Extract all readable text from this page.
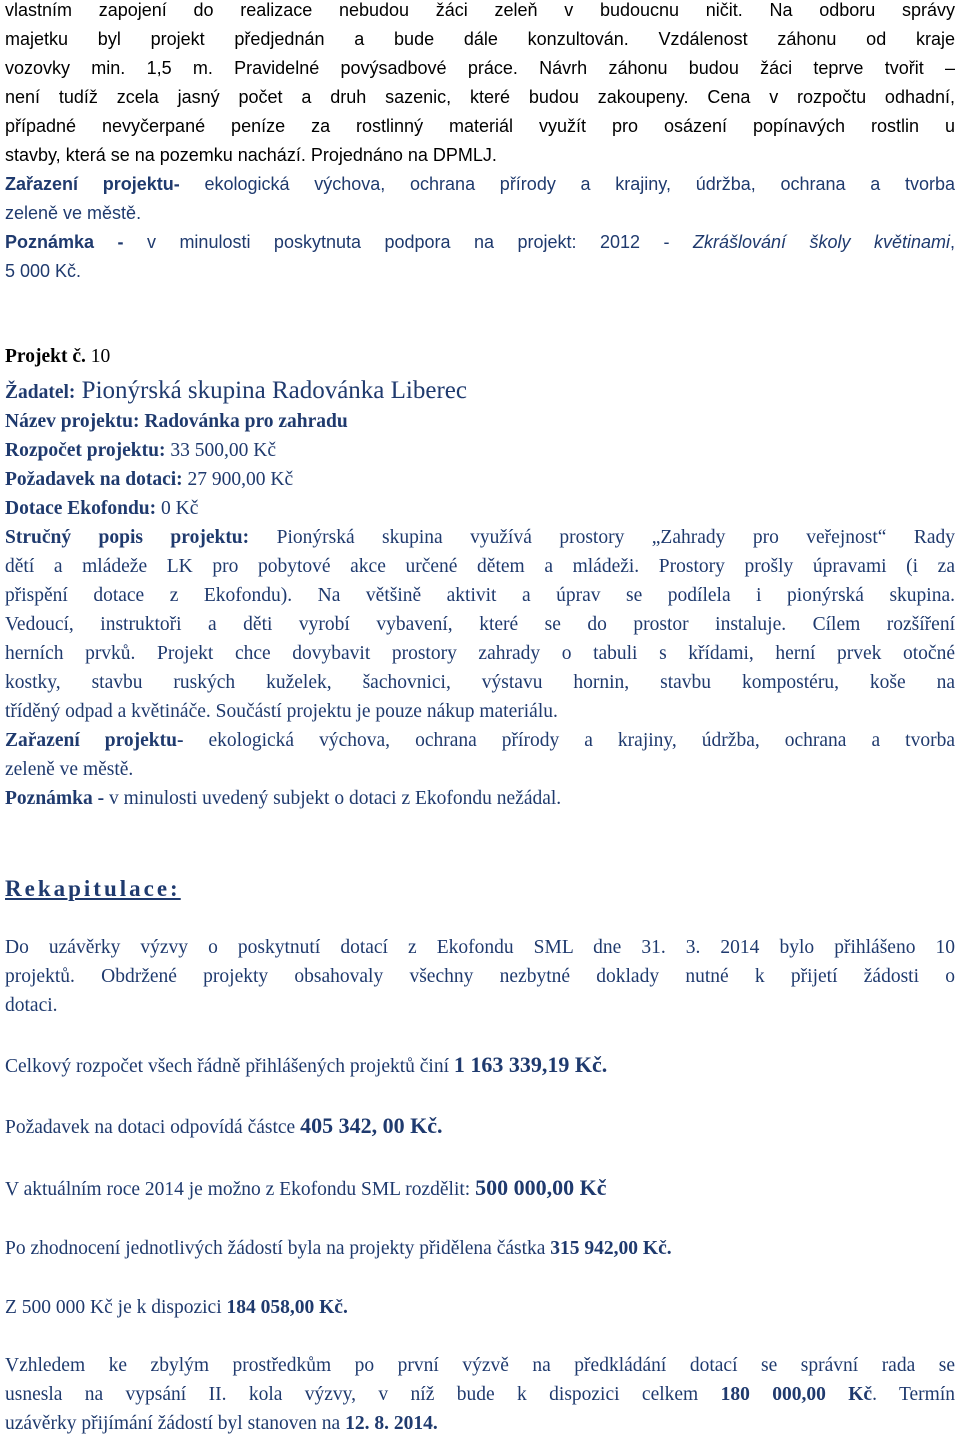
vlastním zapojení do realizace nebudou žáci zeleň v budoucnu ničit. Na odboru správy

majetku byl projekt předjednán a bude dále konzultován. Vzdálenost záhonu od kraje

vozovky min. 1,5 m. Pravidelné povýsadbové práce. Návrh záhonu budou žáci teprve tvořit –

není tudíž zcela jasný počet a druh sazenic, které budou zakoupeny. Cena v rozpočtu odhadní,

případné nevyčerpané peníze za rostlinný materiál využít pro osázení popínavých rostlin u

stavby, která se na pozemku nachází. Projednáno na DPMLJ.

Zařazení projektu- ekologická výchova, ochrana přírody a krajiny, údržba, ochrana a tvorba

zeleně ve městě.

Poznámka - v minulosti poskytnuta podpora na projekt: 2012 - Zkrášlování školy květinami,

5 000 Kč.

Projekt č. 10

Žadatel: Pionýrská skupina Radovánka Liberec

Název projektu: Radovánka pro zahradu

Rozpočet projektu: 33 500,00 Kč

Požadavek na dotaci: 27 900,00 Kč

Dotace Ekofondu: 0 Kč

Stručný popis projektu: Pionýrská skupina využívá prostory „Zahrady pro veřejnost“ Rady

dětí a mládeže LK pro pobytové akce určené dětem a mládeži. Prostory prošly úpravami (i za

přispění dotace z Ekofondu). Na většině aktivit a úprav se podílela i pionýrská skupina.

Vedoucí, instruktoři a děti vyrobí vybavení, které se do prostor instaluje. Cílem rozšíření

herních prvků. Projekt chce dovybavit prostory zahrady o tabuli s křídami, herní prvek otočné

kostky, stavbu ruských kuželek, šachovnici, výstavu hornin, stavbu kompostéru, koše na

tříděný odpad a květináče. Součástí projektu je pouze nákup materiálu.

Zařazení projektu- ekologická výchova, ochrana přírody a krajiny, údržba, ochrana a tvorba

zeleně ve městě.

Poznámka - v minulosti uvedený subjekt o dotaci z Ekofondu nežádal.

Rekapitulace:

Do uzávěrky výzvy o poskytnutí dotací z Ekofondu SML dne 31. 3. 2014 bylo přihlášeno 10

projektů. Obdržené projekty obsahovaly všechny nezbytné doklady nutné k přijetí žádosti o

dotaci.

Celkový rozpočet všech řádně přihlášených projektů činí 1 163 339,19 Kč.

Požadavek na dotaci odpovídá částce 405 342, 00 Kč.

V aktuálním roce 2014 je možno z Ekofondu SML rozdělit: 500 000,00 Kč

Po zhodnocení jednotlivých žádostí byla na projekty přidělena částka 315 942,00 Kč.

Z 500 000 Kč je k dispozici 184 058,00 Kč.

Vzhledem ke zbylým prostředkům po první výzvě na předkládání dotací se správní rada se

usnesla na vypsání II. kola výzvy, v níž bude k dispozici celkem 180 000,00 Kč. Termín

uzávěrky přijímání žádostí byl stanoven na 12. 8. 2014.
